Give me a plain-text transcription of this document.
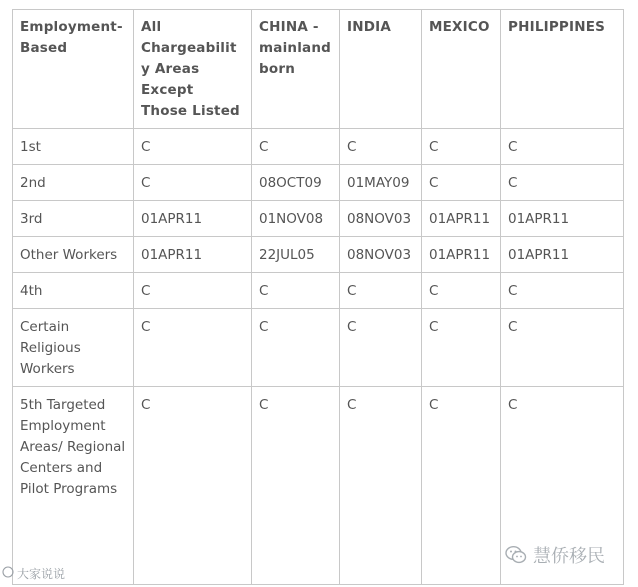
Employment-Based	All Chargeability Areas Except Those Listed	CHINA - mainland born	INDIA	MEXICO	PHILIPPINES
1st	C	C	C	C	C
2nd	C	08OCT09	01MAY09	C	C
3rd	01APR11	01NOV08	08NOV03	01APR11	01APR11
Other Workers	01APR11	22JUL05	08NOV03	01APR11	01APR11
4th	C	C	C	C	C
Certain Religious Workers	C	C	C	C	C
5th Targeted Employment Areas/ Regional Centers and Pilot Programs	C	C	C	C	C
慧侨移民
大家说说
